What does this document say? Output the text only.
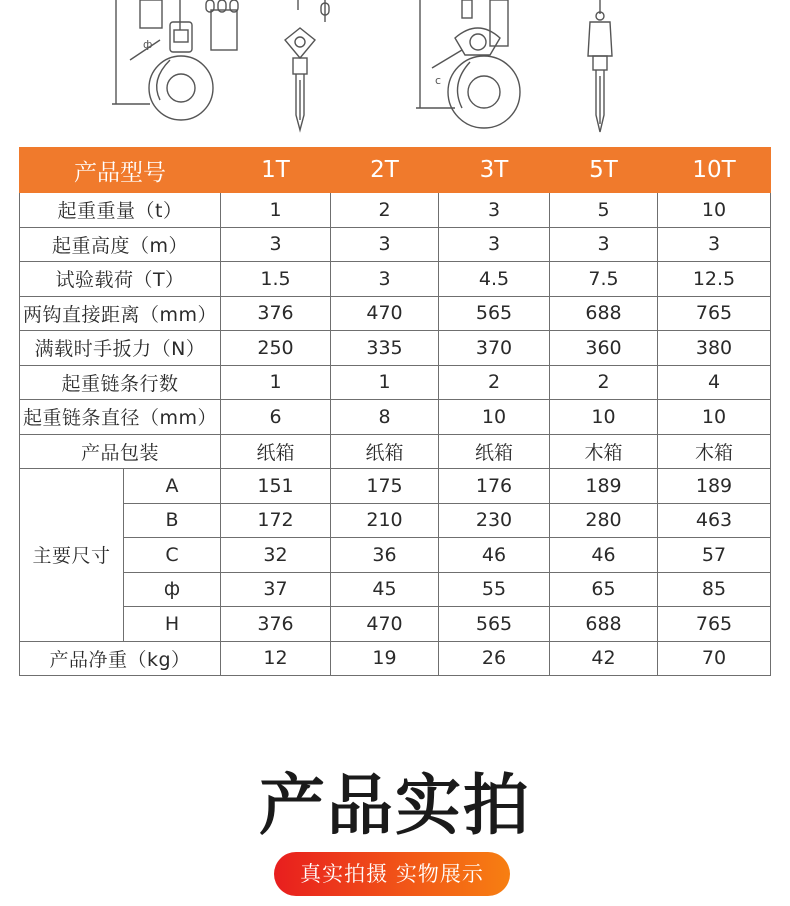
ф
c
产品型号		1T	2T	3T	5T	10T
起重重量（t）		1	2	3	5	10
起重高度（m）		3	3	3	3	3
试验载荷（T）		1.5	3	4.5	7.5	12.5
两钩直接距离（mm）		376	470	565	688	765
满载时手扳力（N）		250	335	370	360	380
起重链条行数		1	1	2	2	4
起重链条直径（mm）		6	8	10	10	10
产品包装		纸箱	纸箱	纸箱	木箱	木箱
主要尺寸	A	151	175	176	189	189
	B	172	210	230	280	463
	C	32	36	46	46	57
	ф	37	45	55	65	85
	H	376	470	565	688	765
产品净重（kg）		12	19	26	42	70
产品实拍
真实拍摄 实物展示
